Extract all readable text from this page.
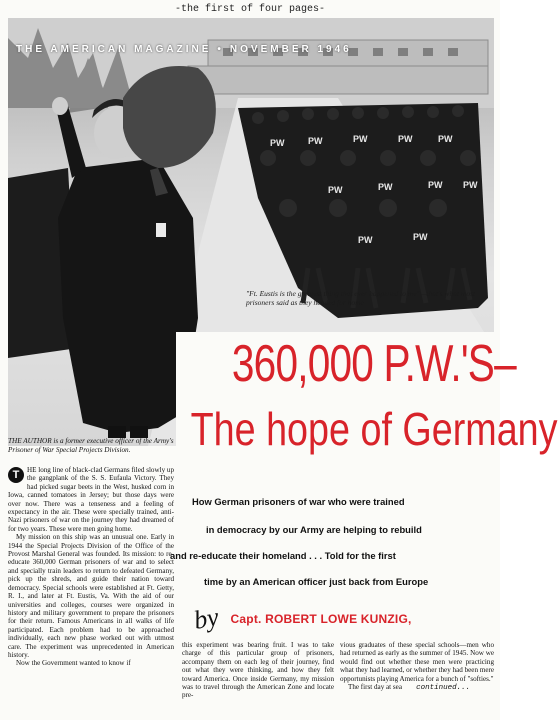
PW	PW	PW	PW	PW
PW	PW	PW PW
PW	PW
-the first of four pages-
THE AMERICAN MAGAZINE • NOVEMBER 1946
"Ft. Eustis is the greatest thing that ever happened to me"—that's what most prisoners said as they headed for home
360,000 P.W.'S–
The hope of Germany
THE AUTHOR is a former executive officer of the Army's Prisoner of War Special Projects Division.

T	HE long line of black-clad Germans filed slowly up the gangplank of the S. S. Eufaula Victory. They had picked sugar beets in the West, husked corn in Iowa, canned tomatoes in Jersey; but those days were over now. There was a tenseness and a feeling of expectancy in the air. These were specially trained, anti-Nazi prisoners of war on the journey they had dreamed of for two years. These were men going home.

My mission on this ship was an unusual one. Early in 1944 the Special Projects Division of the Office of the Provost Marshal General was founded. Its mission: to re-educate 360,000 German prisoners of war and to select and specially train leaders to return to defeated Germany, pick up the shreds, and guide their nation toward democracy. Special schools were established at Ft. Getty, R. I., and later at Ft. Eustis, Va. With the aid of our universities and colleges, courses were organized in history and military government to prepare the prisoners for their return. Famous Americans in all walks of life participated. Each problem had to be approached individually, each new phase worked out with utmost care. The experiment was unprecedented in American history.

Now the Government wanted to know if

How German prisoners of war who were trained
in democracy by our Army are helping to rebuild
and re-educate their homeland . . . Told for the first
time by an American officer just back from Europe
by Capt. ROBERT LOWE KUNZIG,

this experiment was bearing fruit. I was to take charge of this particular group of prisoners, accompany them on each leg of their journey, find out what they were thinking, and how they felt toward America. Once inside Germany, my mission was to travel through the American Zone and locate pre-

vious graduates of these special schools—men who had returned as early as the summer of 1945. Now we would find out whether these men were practicing what they had learned, or whether they had been mere opportunists playing America for a bunch of "softies."

The first day at sea continued...
